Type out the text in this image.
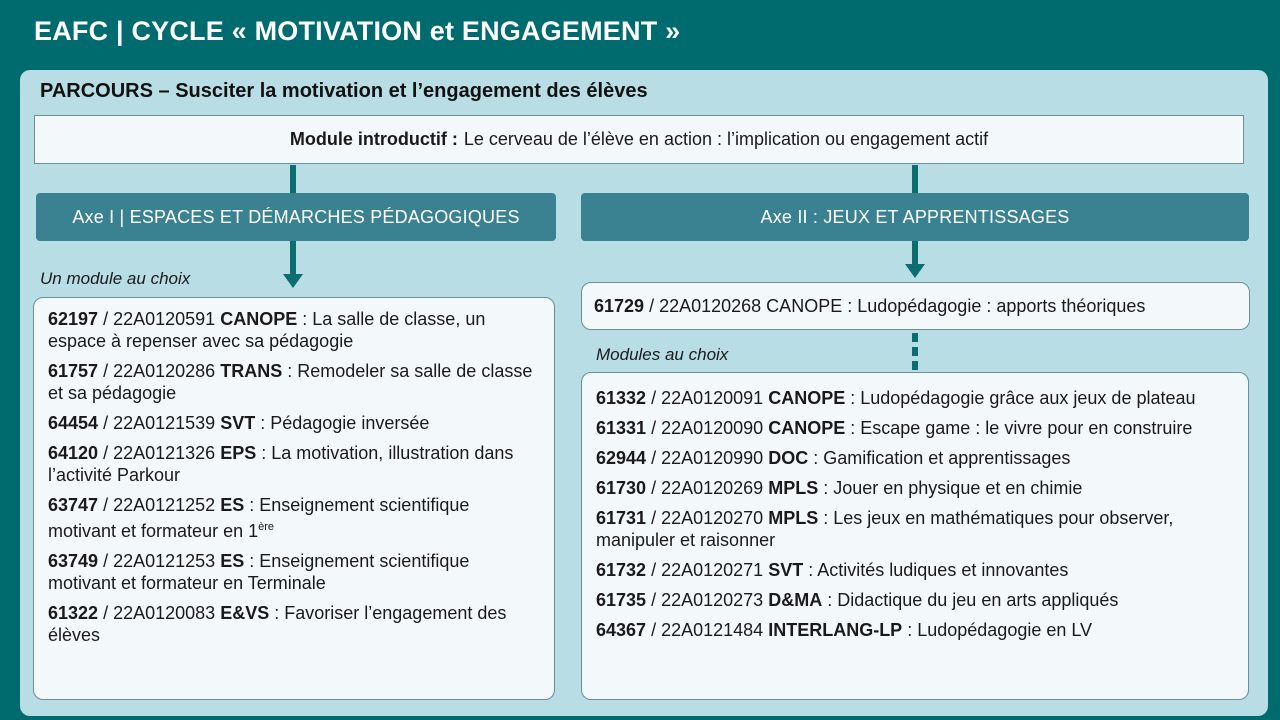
EAFC | CYCLE « MOTIVATION et ENGAGEMENT »
PARCOURS – Susciter la motivation et l’engagement des élèves
Module introductif : Le cerveau de l’élève en action : l’implication ou engagement actif
Axe I | ESPACES ET DÉMARCHES PÉDAGOGIQUES	Axe II : JEUX ET APPRENTISSAGES
Un module au choix
Modules au choix
62197 / 22A0120591 CANOPE : La salle de classe, un espace à repenser avec sa pédagogie
61757 / 22A0120286 TRANS : Remodeler sa salle de classe et sa pédagogie
64454 / 22A0121539 SVT : Pédagogie inversée
64120 / 22A0121326 EPS : La motivation, illustration dans l’activité Parkour
63747 / 22A0121252 ES : Enseignement scientifique motivant et formateur en 1ère
63749 / 22A0121253 ES : Enseignement scientifique motivant et formateur en Terminale
61322 / 22A0120083 E&VS : Favoriser l’engagement des élèves
61729
/ 22A0120268 CANOPE : Ludopédagogie : apports théoriques
61332 / 22A0120091 CANOPE : Ludopédagogie grâce aux jeux de plateau
61331 / 22A0120090 CANOPE : Escape game : le vivre pour en construire
62944 / 22A0120990 DOC : Gamification et apprentissages
61730 / 22A0120269 MPLS : Jouer en physique et en chimie
61731 / 22A0120270 MPLS : Les jeux en mathématiques pour observer, manipuler et raisonner
61732 / 22A0120271 SVT : Activités ludiques et innovantes
61735 / 22A0120273 D&MA : Didactique du jeu en arts appliqués
64367 / 22A0121484 INTERLANG-LP : Ludopédagogie en LV
